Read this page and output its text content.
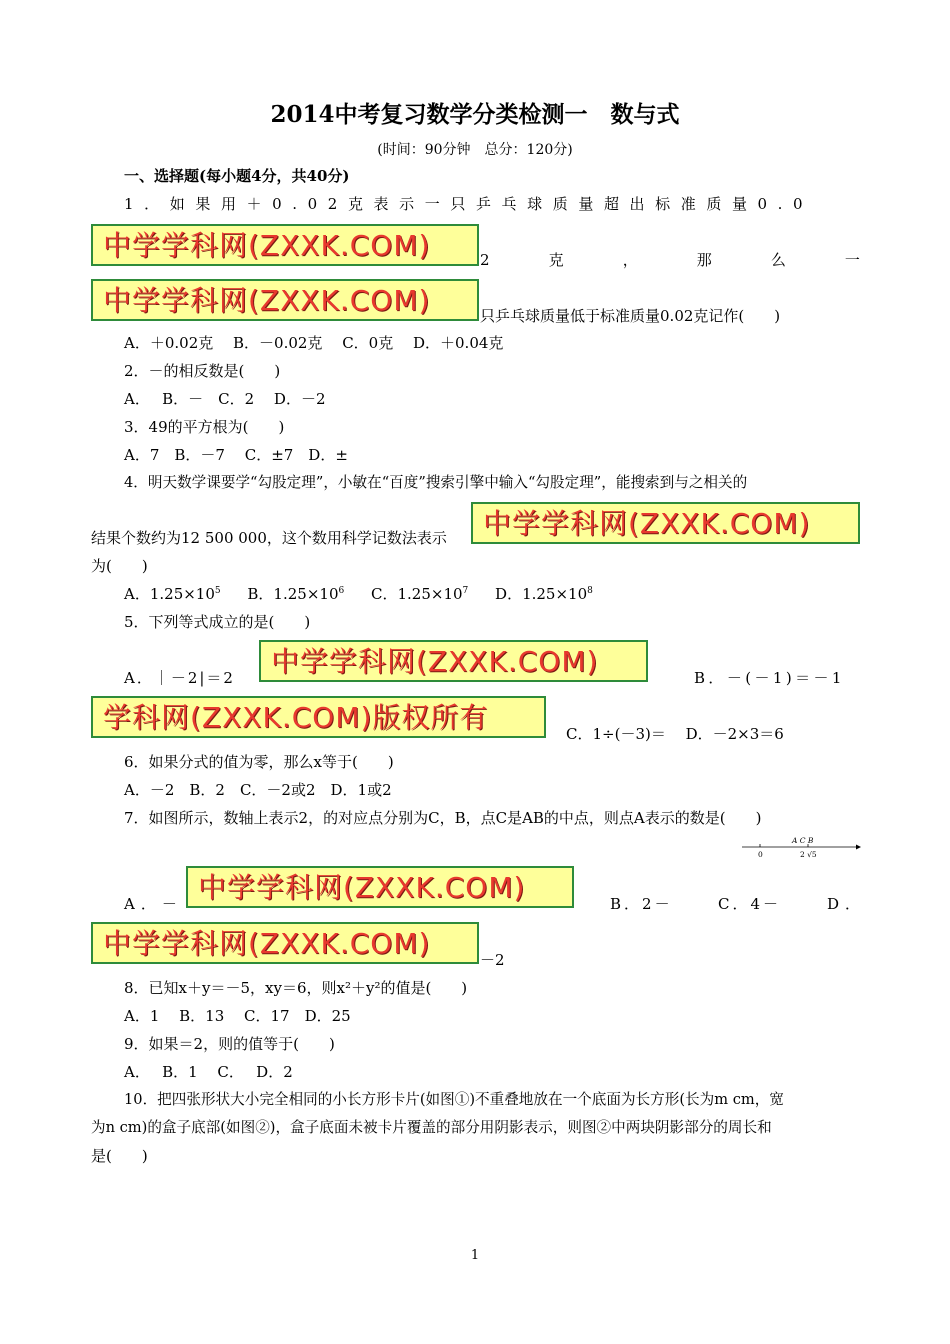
2014中考复习数学分类检测一　数与式
(时间：90分钟　总分：120分)
一、选择题(每小题4分，共40分)
1．如果用＋0.02克表示一只乒乓球质量超出标准质量0.0
中学学科网(ZXXK.COM)	2	克	，	那	么	一
中学学科网(ZXXK.COM)	只乒乓球质量低于标准质量0.02克记作(　　)
A．＋0.02克　 B．－0.02克　 C．0克　 D．＋0.04克
2．－的相反数是(　　)
A．　 B．－　C．2　 D．－2
3．49的平方根为(　　)
A．7　B．－7　 C．±7　D．±
4．明天数学课要学“勾股定理”，小敏在“百度”搜索引擎中输入“勾股定理”，能搜索到与之相关的
结果个数约为12 500 000，这个数用科学记数法表示	中学学科网(ZXXK.COM)
为(　　)
A．$1.25\times 10^5$ B．$1.25\times 10^6$ C．$1.25\times 10^7$ D．$1.25\times 10^8$
5．下列等式成立的是(　　)
A．｜－2|＝2	中学学科网(ZXXK.COM)	B．－(－1)＝－1
学科网(ZXXK.COM)版权所有	C．1÷(－3)＝　 D．－2×3＝6
6．如果分式的值为零，那么x等于(　　)
A．－2　B．2　C．－2或2　D．1或2
7．如图所示，数轴上表示2，的对应点分别为C，B，点C是AB的中点，则点A表示的数是(　　)
A C B
0	2 √5
A．－ 中学学科网(ZXXK.COM)	B．2－	C．4－	D．
中学学科网(ZXXK.COM)	－2
8．已知x＋y＝－5，xy＝6，则x²＋y²的值是(　　)
A．1　 B．13　 C．17　D．25
9．如果＝2，则的值等于(　　)
A．　 B．1　 C．　 D．2
10．把四张形状大小完全相同的小长方形卡片(如图①)不重叠地放在一个底面为长方形(长为m cm，宽
为n cm)的盒子底部(如图②)，盒子底面未被卡片覆盖的部分用阴影表示，则图②中两块阴影部分的周长和
是(　　)
1
